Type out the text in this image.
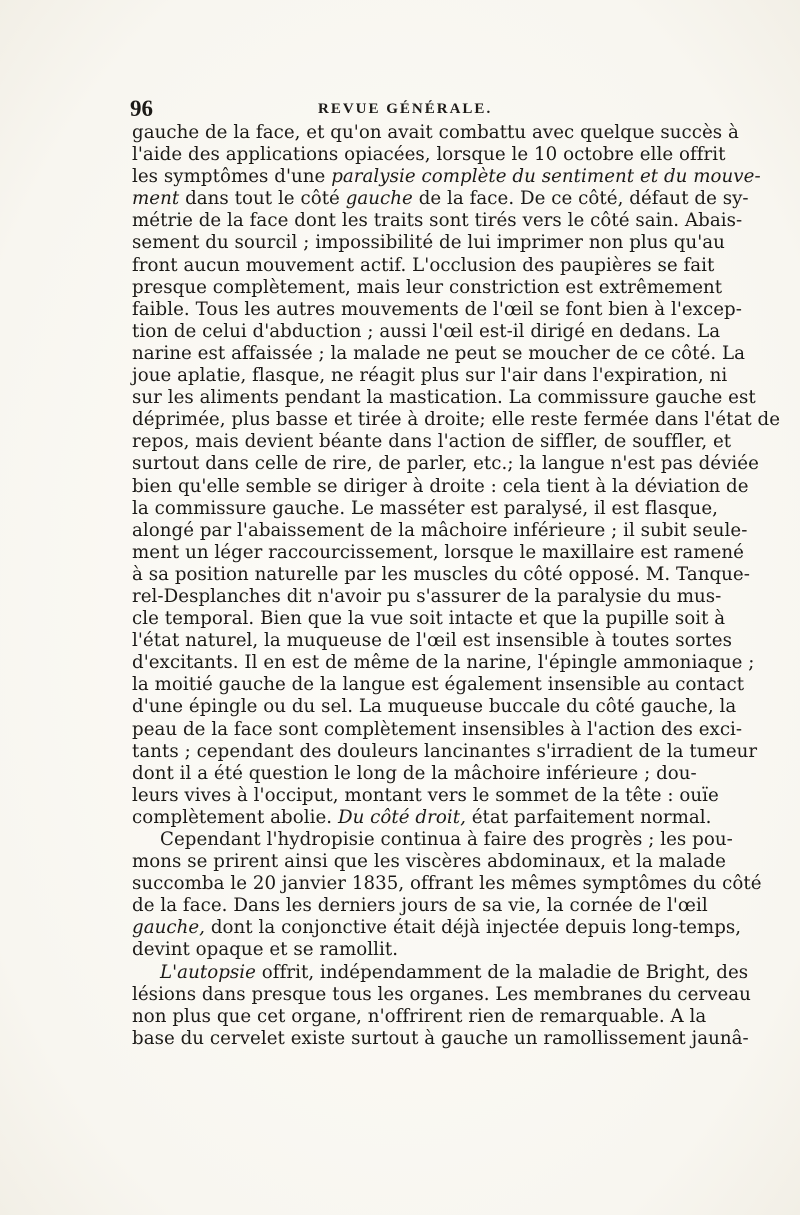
96	REVUE GÉNÉRALE.
gauche de la face, et qu'on avait combattu avec quelque succès à
l'aide des applications opiacées, lorsque le 10 octobre elle offrit
les symptômes d'une paralysie complète du sentiment et du mouve-
ment dans tout le côté gauche de la face. De ce côté, défaut de sy-
métrie de la face dont les traits sont tirés vers le côté sain. Abais-
sement du sourcil ; impossibilité de lui imprimer non plus qu'au
front aucun mouvement actif. L'occlusion des paupières se fait
presque complètement, mais leur constriction est extrêmement
faible. Tous les autres mouvements de l'œil se font bien à l'excep-
tion de celui d'abduction ; aussi l'œil est-il dirigé en dedans. La
narine est affaissée ; la malade ne peut se moucher de ce côté. La
joue aplatie, flasque, ne réagit plus sur l'air dans l'expiration, ni
sur les aliments pendant la mastication. La commissure gauche est
déprimée, plus basse et tirée à droite; elle reste fermée dans l'état de
repos, mais devient béante dans l'action de siffler, de souffler, et
surtout dans celle de rire, de parler, etc.; la langue n'est pas déviée
bien qu'elle semble se diriger à droite : cela tient à la déviation de
la commissure gauche. Le masséter est paralysé, il est flasque,
alongé par l'abaissement de la mâchoire inférieure ; il subit seule-
ment un léger raccourcissement, lorsque le maxillaire est ramené
à sa position naturelle par les muscles du côté opposé. M. Tanque-
rel-Desplanches dit n'avoir pu s'assurer de la paralysie du mus-
cle temporal. Bien que la vue soit intacte et que la pupille soit à
l'état naturel, la muqueuse de l'œil est insensible à toutes sortes
d'excitants. Il en est de même de la narine, l'épingle ammoniaque ;
la moitié gauche de la langue est également insensible au contact
d'une épingle ou du sel. La muqueuse buccale du côté gauche, la
peau de la face sont complètement insensibles à l'action des exci-
tants ; cependant des douleurs lancinantes s'irradient de la tumeur
dont il a été question le long de la mâchoire inférieure ; dou-
leurs vives à l'occiput, montant vers le sommet de la tête : ouïe
complètement abolie. Du côté droit, état parfaitement normal.
Cependant l'hydropisie continua à faire des progrès ; les pou-
mons se prirent ainsi que les viscères abdominaux, et la malade
succomba le 20 janvier 1835, offrant les mêmes symptômes du côté
de la face. Dans les derniers jours de sa vie, la cornée de l'œil
gauche, dont la conjonctive était déjà injectée depuis long-temps,
devint opaque et se ramollit.
L'autopsie offrit, indépendamment de la maladie de Bright, des
lésions dans presque tous les organes. Les membranes du cerveau
non plus que cet organe, n'offrirent rien de remarquable. A la
base du cervelet existe surtout à gauche un ramollissement jaunâ-
